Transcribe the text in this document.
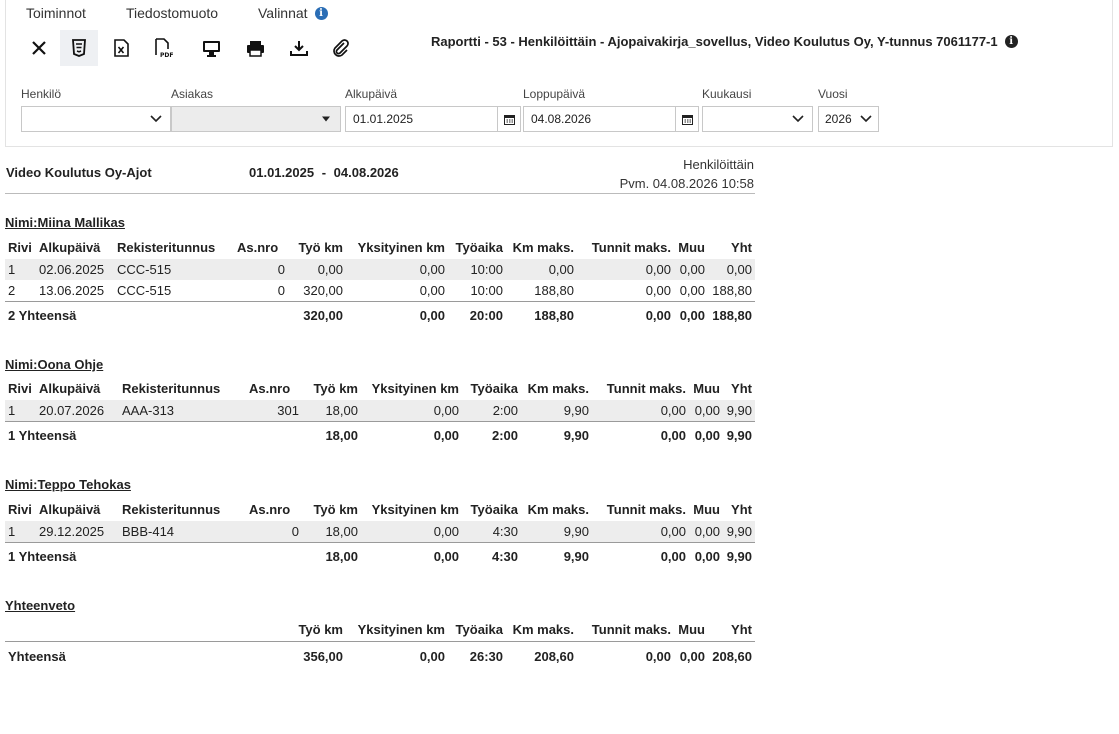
Toiminnot	Tiedostomuoto	Valinnat	i
PDF
Raportti - 53 - Henkilöittäin - Ajopaivakirja_sovellus, Video Koulutus Oy, Y-tunnus 7061177-1	i
Henkilö	Asiakas	Alkupäivä
01.01.2025
Loppupäivä
04.08.2026
Kuukausi	Vuosi
2026
Video Koulutus Oy-Ajot	01.01.2025 - 04.08.2026
Henkilöittäin
Pvm. 04.08.2026 10:58
Nimi:Miina Mallikas
Rivi	Alkupäivä	Rekisteritunnus	As.nro	Työ km	Yksityinen km	Työaika	Km maks.	Tunnit maks.	Muu	Yht
1	02.06.2025	CCC-515	0	0,00	0,00	10:00	0,00	0,00	0,00	0,00
2	13.06.2025	CCC-515	0	320,00	0,00	10:00	188,80	0,00	0,00	188,80
2 Yhteensä				320,00	0,00	20:00	188,80	0,00	0,00	188,80
Nimi:Oona Ohje
Rivi	Alkupäivä	Rekisteritunnus	As.nro	Työ km	Yksityinen km	Työaika	Km maks.	Tunnit maks.	Muu	Yht
1	20.07.2026	AAA-313	301	18,00	0,00	2:00	9,90	0,00	0,00	9,90
1 Yhteensä				18,00	0,00	2:00	9,90	0,00	0,00	9,90
Nimi:Teppo Tehokas
Rivi	Alkupäivä	Rekisteritunnus	As.nro	Työ km	Yksityinen km	Työaika	Km maks.	Tunnit maks.	Muu	Yht
1	29.12.2025	BBB-414	0	18,00	0,00	4:30	9,90	0,00	0,00	9,90
1 Yhteensä				18,00	0,00	4:30	9,90	0,00	0,00	9,90
Yhteenveto
	Työ km	Yksityinen km	Työaika	Km maks.	Tunnit maks.	Muu	Yht
Yhteensä	356,00	0,00	26:30	208,60	0,00	0,00	208,60
